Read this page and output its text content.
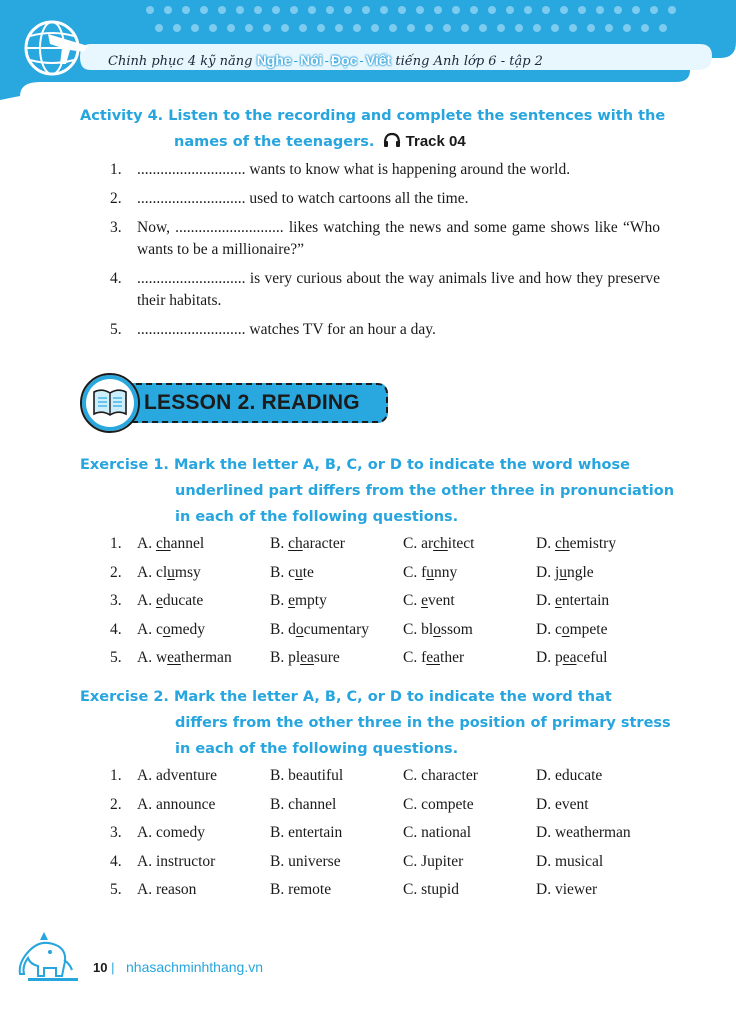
Chinh phục 4 kỹ năng Nghe - Nói - Đọc - Viết tiếng Anh lớp 6 - tập 2
Activity 4. Listen to the recording and complete the sentences with the
names of the teenagers. Track 04
1. ............................ wants to know what is happening around the world.
2. ............................ used to watch cartoons all the time.
3. Now, ............................ likes watching the news and some game shows like “Who wants to be a millionaire?”
4. ............................ is very curious about the way animals live and how they preserve their habitats.
5. ............................ watches TV for an hour a day.
LESSON 2. READING
Exercise 1. Mark the letter A, B, C, or D to indicate the word whose
underlined part differs from the other three in pronunciation
in each of the following questions.
1. A. channel	B. character	C. architect	D. chemistry
2. A. clumsy	B. cute	C. funny	D. jungle
3. A. educate	B. empty	C. event	D. entertain
4. A. comedy	B. documentary C. blossom	D. compete
5. A. weatherman B. pleasure	C. feather	D. peaceful
Exercise 2. Mark the letter A, B, C, or D to indicate the word that
differs from the other three in the position of primary stress
in each of the following questions.
1. A. adventure	B. beautiful	C. character	D. educate
2. A. announce	B. channel	C. compete	D. event
3. A. comedy	B. entertain	C. national	D. weatherman
4. A. instructor	B. universe	C. Jupiter	D. musical
5. A. reason	B. remote	C. stupid	D. viewer
10 | nhasachminhthang.vn
